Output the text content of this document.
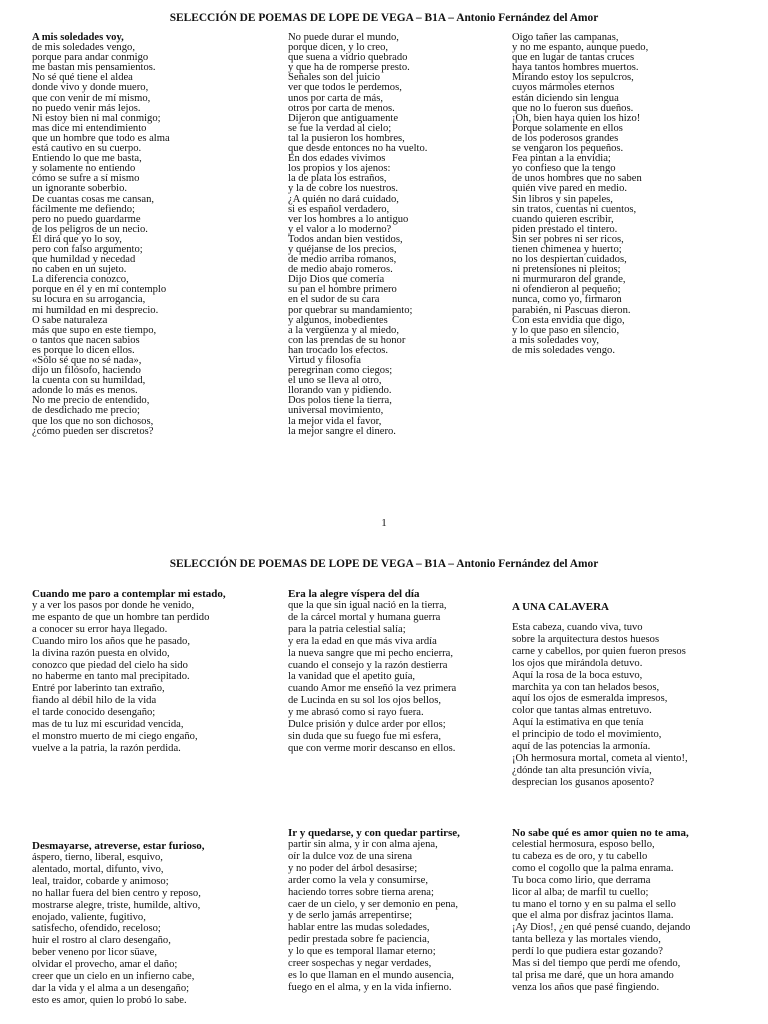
SELECCIÓN DE POEMAS DE LOPE DE VEGA – B1A – Antonio Fernández del Amor
A mis soledades voy,
de mis soledades vengo,
porque para andar conmigo
me bastan mis pensamientos.
No sé qué tiene el aldea
donde vivo y donde muero,
que con venir de mí mismo,
no puedo venir más lejos.
Ni estoy bien ni mal conmigo;
mas dice mi entendimiento
que un hombre que todo es alma
está cautivo en su cuerpo.
Entiendo lo que me basta,
y solamente no entiendo
cómo se sufre a sí mismo
un ignorante soberbio.
De cuantas cosas me cansan,
fácilmente me defiendo;
pero no puedo guardarme
de los peligros de un necio.
Él dirá que yo lo soy,
pero con falso argumento;
que humildad y necedad
no caben en un sujeto.
La diferencia conozco,
porque en él y en mí contemplo
su locura en su arrogancia,
mi humildad en mi desprecio.
O sabe naturaleza
más que supo en este tiempo,
o tantos que nacen sabios
es porque lo dicen ellos.
«Sólo sé que no sé nada»,
dijo un filósofo, haciendo
la cuenta con su humildad,
adonde lo más es menos.
No me precio de entendido,
de desdichado me precio;
que los que no son dichosos,
¿cómo pueden ser discretos?
No puede durar el mundo,
porque dicen, y lo creo,
que suena a vidrio quebrado
y que ha de romperse presto.
Señales son del juicio
ver que todos le perdemos,
unos por carta de más,
otros por carta de menos.
Dijeron que antiguamente
se fue la verdad al cielo;
tal la pusieron los hombres,
que desde entonces no ha vuelto.
En dos edades vivimos
los propios y los ajenos:
la de plata los estraños,
y la de cobre los nuestros.
¿A quién no dará cuidado,
si es español verdadero,
ver los hombres a lo antiguo
y el valor a lo moderno?
Todos andan bien vestidos,
y quéjanse de los precios,
de medio arriba romanos,
de medio abajo romeros.
Dijo Dios que comería
su pan el hombre primero
en el sudor de su cara
por quebrar su mandamiento;
y algunos, inobedientes
a la vergüenza y al miedo,
con las prendas de su honor
han trocado los efectos.
Virtud y filosofía
peregrinan como ciegos;
el uno se lleva al otro,
llorando van y pidiendo.
Dos polos tiene la tierra,
universal movimiento,
la mejor vida el favor,
la mejor sangre el dinero.
Oigo tañer las campanas,
y no me espanto, aunque puedo,
que en lugar de tantas cruces
haya tantos hombres muertos.
Mirando estoy los sepulcros,
cuyos mármoles eternos
están diciendo sin lengua
que no lo fueron sus dueños.
¡Oh, bien haya quien los hizo!
Porque solamente en ellos
de los poderosos grandes
se vengaron los pequeños.
Fea pintan a la envidia;
yo confieso que la tengo
de unos hombres que no saben
quién vive pared en medio.
Sin libros y sin papeles,
sin tratos, cuentas ni cuentos,
cuando quieren escribir,
piden prestado el tintero.
Sin ser pobres ni ser ricos,
tienen chimenea y huerto;
no los despiertan cuidados,
ni pretensiones ni pleitos;
ni murmuraron del grande,
ni ofendieron al pequeño;
nunca, como yo, firmaron
parabién, ni Pascuas dieron.
Con esta envidia que digo,
y lo que paso en silencio,
a mis soledades voy,
de mis soledades vengo.
1
SELECCIÓN DE POEMAS DE LOPE DE VEGA – B1A – Antonio Fernández del Amor
Cuando me paro a contemplar mi estado,
y a ver los pasos por donde he venido,
me espanto de que un hombre tan perdido
a conocer su error haya llegado.
Cuando miro los años que he pasado,
la divina razón puesta en olvido,
conozco que piedad del cielo ha sido
no haberme en tanto mal precipitado.
Entré por laberinto tan extraño,
fiando al débil hilo de la vida
el tarde conocido desengaño;
mas de tu luz mi escuridad vencida,
el monstro muerto de mi ciego engaño,
vuelve a la patria, la razón perdida.
Era la alegre víspera del día
que la que sin igual nació en la tierra,
de la cárcel mortal y humana guerra
para la patria celestial salía;
y era la edad en que más viva ardía
la nueva sangre que mi pecho encierra,
cuando el consejo y la razón destierra
la vanidad que el apetito guía,
cuando Amor me enseñó la vez primera
de Lucinda en su sol los ojos bellos,
y me abrasó como si rayo fuera.
Dulce prisión y dulce arder por ellos;
sin duda que su fuego fue mi esfera,
que con verme morir descanso en ellos.
A UNA CALAVERA
Esta cabeza, cuando viva, tuvo
sobre la arquitectura destos huesos
carne y cabellos, por quien fueron presos
los ojos que mirándola detuvo.
Aquí la rosa de la boca estuvo,
marchita ya con tan helados besos,
aquí los ojos de esmeralda impresos,
color que tantas almas entretuvo.
Aquí la estimativa en que tenía
el principio de todo el movimiento,
aquí de las potencias la armonía.
¡Oh hermosura mortal, cometa al viento!,
¿dónde tan alta presunción vivía,
desprecian los gusanos aposento?
Desmayarse, atreverse, estar furioso,
áspero, tierno, liberal, esquivo,
alentado, mortal, difunto, vivo,
leal, traidor, cobarde y animoso;
no hallar fuera del bien centro y reposo,
mostrarse alegre, triste, humilde, altivo,
enojado, valiente, fugitivo,
satisfecho, ofendido, receloso;
huir el rostro al claro desengaño,
beber veneno por licor süave,
olvidar el provecho, amar el daño;
creer que un cielo en un infierno cabe,
dar la vida y el alma a un desengaño;
esto es amor, quien lo probó lo sabe.
Ir y quedarse, y con quedar partirse,
partir sin alma, y ir con alma ajena,
oír la dulce voz de una sirena
y no poder del árbol desasirse;
arder como la vela y consumirse,
haciendo torres sobre tierna arena;
caer de un cielo, y ser demonio en pena,
y de serlo jamás arrepentirse;
hablar entre las mudas soledades,
pedir prestada sobre fe paciencia,
y lo que es temporal llamar eterno;
creer sospechas y negar verdades,
es lo que llaman en el mundo ausencia,
fuego en el alma, y en la vida infierno.
No sabe qué es amor quien no te ama,
celestial hermosura, esposo bello,
tu cabeza es de oro, y tu cabello
como el cogollo que la palma enrama.
Tu boca como lirio, que derrama
licor al alba; de marfil tu cuello;
tu mano el torno y en su palma el sello
que el alma por disfraz jacintos llama.
¡Ay Dios!, ¿en qué pensé cuando, dejando
tanta belleza y las mortales viendo,
perdí lo que pudiera estar gozando?
Mas si del tiempo que perdí me ofendo,
tal prisa me daré, que un hora amando
venza los años que pasé fingiendo.
